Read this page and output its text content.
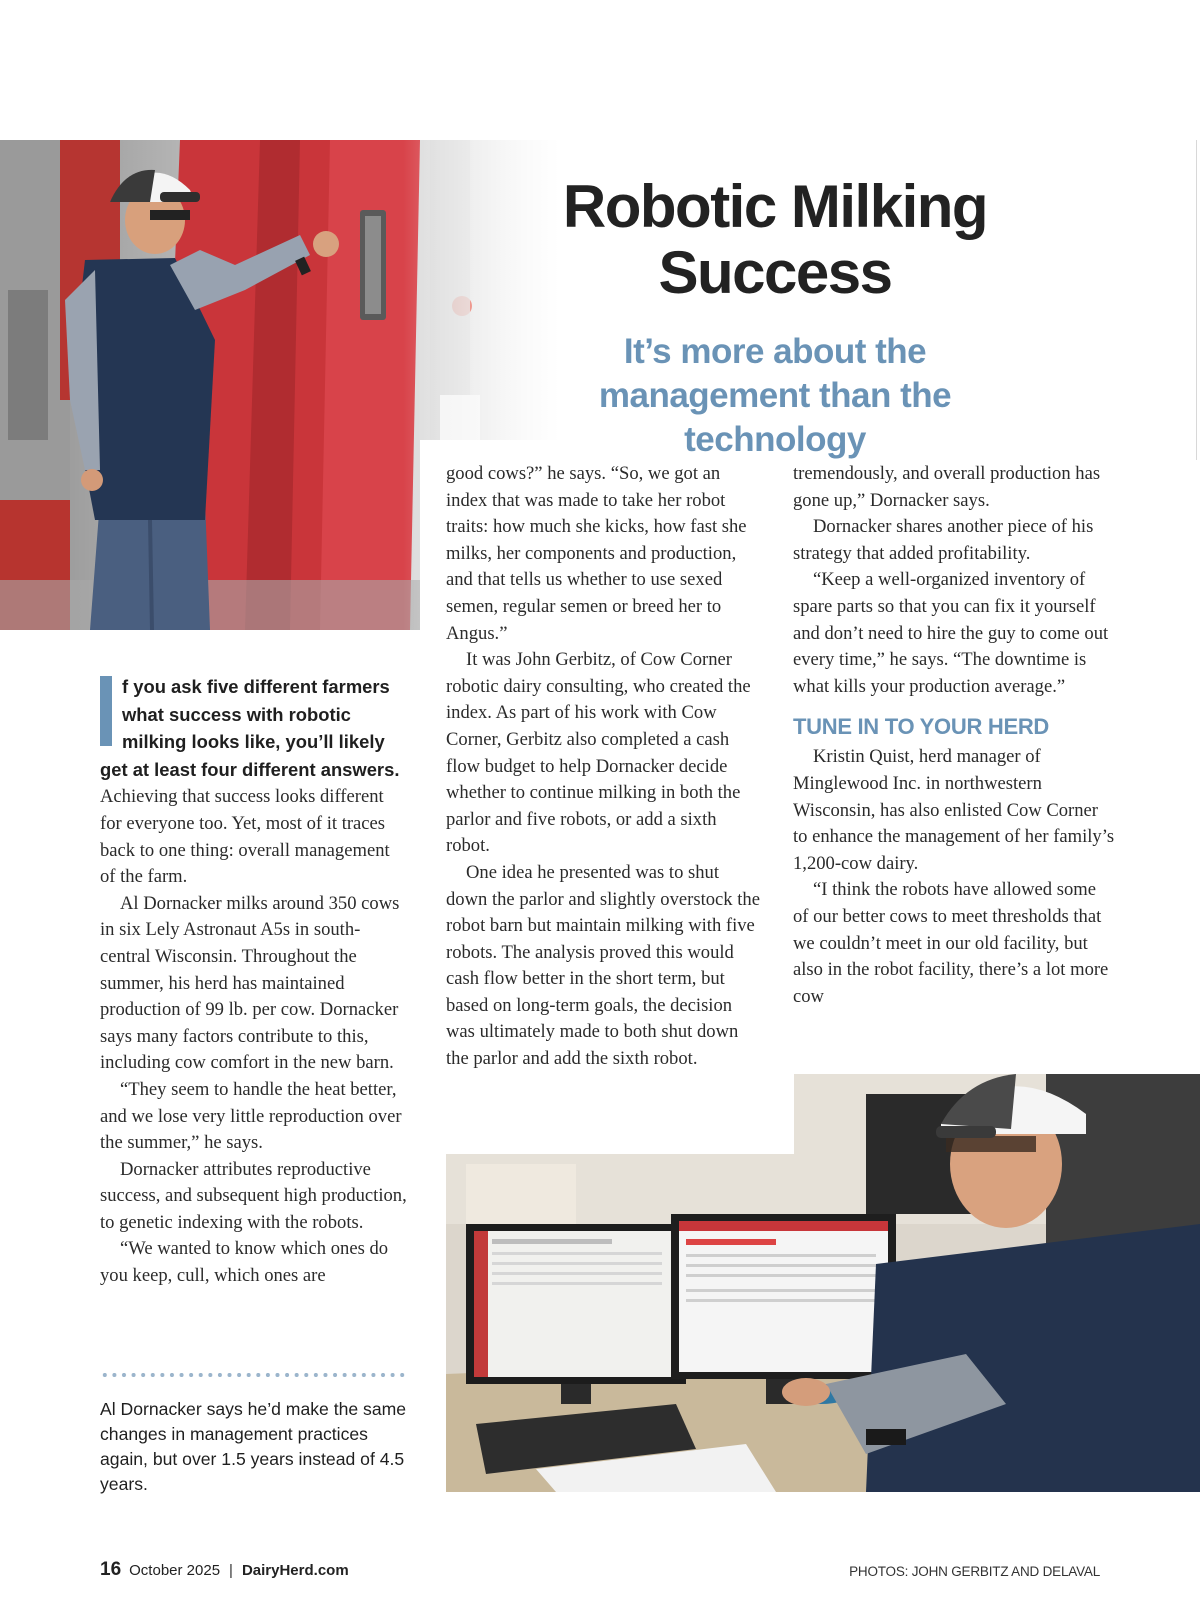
Robotic Milking Success
It’s more about the management than the technology

f you ask five different farmers what success with robotic milking looks like, you’ll likely get at least four different answers. Achieving that success looks different for everyone too. Yet, most of it traces back to one thing: overall management of the farm.

Al Dornacker milks around 350 cows in six Lely Astronaut A5s in south-central Wisconsin. Throughout the summer, his herd has maintained production of 99 lb. per cow. Dornacker says many factors contribute to this, including cow comfort in the new barn.

“They seem to handle the heat better, and we lose very little reproduction over the summer,” he says.

Dornacker attributes reproductive success, and subsequent high production, to genetic indexing with the robots.

“We wanted to know which ones do you keep, cull, which ones are

good cows?” he says. “So, we got an index that was made to take her robot traits: how much she kicks, how fast she milks, her components and production, and that tells us whether to use sexed semen, regular semen or breed her to Angus.”

It was John Gerbitz, of Cow Corner robotic dairy consulting, who created the index. As part of his work with Cow Corner, Gerbitz also completed a cash flow budget to help Dornacker decide whether to continue milking in both the parlor and five robots, or add a sixth robot.

One idea he presented was to shut down the parlor and slightly overstock the robot barn but maintain milking with five robots. The analysis proved this would cash flow better in the short term, but based on long-term goals, the decision was ultimately made to both shut down the parlor and add the sixth robot.

tremendously, and overall production has gone up,” Dornacker says.

Dornacker shares another piece of his strategy that added profitability.

“Keep a well-organized inventory of spare parts so that you can fix it yourself and don’t need to hire the guy to come out every time,” he says. “The downtime is what kills your production average.”

TUNE IN TO YOUR HERD

Kristin Quist, herd manager of Minglewood Inc. in northwestern Wisconsin, has also enlisted Cow Corner to enhance the management of her family’s 1,200-cow dairy.

“I think the robots have allowed some of our better cows to meet thresholds that we couldn’t meet in our old facility, but also in the robot facility, there’s a lot more cow

Al Dornacker says he’d make the same changes in management practices again, but over 1.5 years instead of 4.5 years.

16 October 2025 | DairyHerd.com	PHOTOS: JOHN GERBITZ AND DELAVAL
